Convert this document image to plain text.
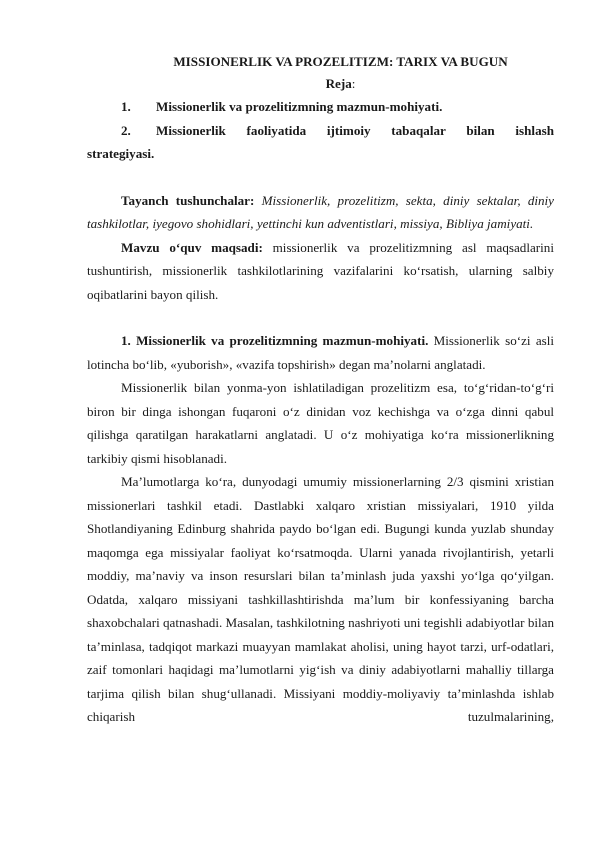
MISSIONERLIK VA PROZELITIZM: TARIX VA BUGUN

Reja:

1.	Missionerlik va prozelitizmning mazmun-mohiyati.
2.	Missionerlik faoliyatida ijtimoiy tabaqalar bilan ishlash

strategiyasi.

Tayanch tushunchalar: Missionerlik, prozelitizm, sekta, diniy sektalar, diniy tashkilotlar, iyegovo shohidlari, yettinchi kun adventistlari, missiya, Bibliya jamiyati.

Mavzu o‘quv maqsadi: missionerlik va prozelitizmning asl maqsadlarini tushuntirish, missionerlik tashkilotlarining vazifalarini ko‘rsatish, ularning salbiy oqibatlarini bayon qilish.

1. Missionerlik va prozelitizmning mazmun-mohiyati. Missionerlik so‘zi asli lotincha bo‘lib, «yuborish», «vazifa topshirish» degan ma’nolarni anglatadi.

Missionerlik bilan yonma-yon ishlatiladigan prozelitizm esa, to‘g‘ridan-to‘g‘ri biron bir dinga ishongan fuqaroni o‘z dinidan voz kechishga va o‘zga dinni qabul qilishga qaratilgan harakatlarni anglatadi. U o‘z mohiyatiga ko‘ra missionerlikning tarkibiy qismi hisoblanadi.

Ma’lumotlarga ko‘ra, dunyodagi umumiy missionerlarning 2/3 qismini xristian missionerlari tashkil etadi. Dastlabki xalqaro xristian missiyalari, 1910 yilda Shotlandiyaning Edinburg shahrida paydo bo‘lgan edi. Bugungi kunda yuzlab shunday maqomga ega missiyalar faoliyat ko‘rsatmoqda. Ularni yanada rivojlantirish, yetarli moddiy, ma’naviy va inson resurslari bilan ta’minlash juda yaxshi yo‘lga qo‘yilgan. Odatda, xalqaro missiyani tashkillashtirishda ma’lum bir konfessiyaning barcha shaxobchalari qatnashadi. Masalan, tashkilotning nashriyoti uni tegishli adabiyotlar bilan ta’minlasa, tadqiqot markazi muayyan mamlakat aholisi, uning hayot tarzi, urf-odatlari, zaif tomonlari haqidagi ma’lumotlarni yig‘ish va diniy adabiyotlarni mahalliy tillarga tarjima qilish bilan shug‘ullanadi. Missiyani moddiy-moliyaviy ta’minlashda ishlab chiqarish tuzulmalarining,
